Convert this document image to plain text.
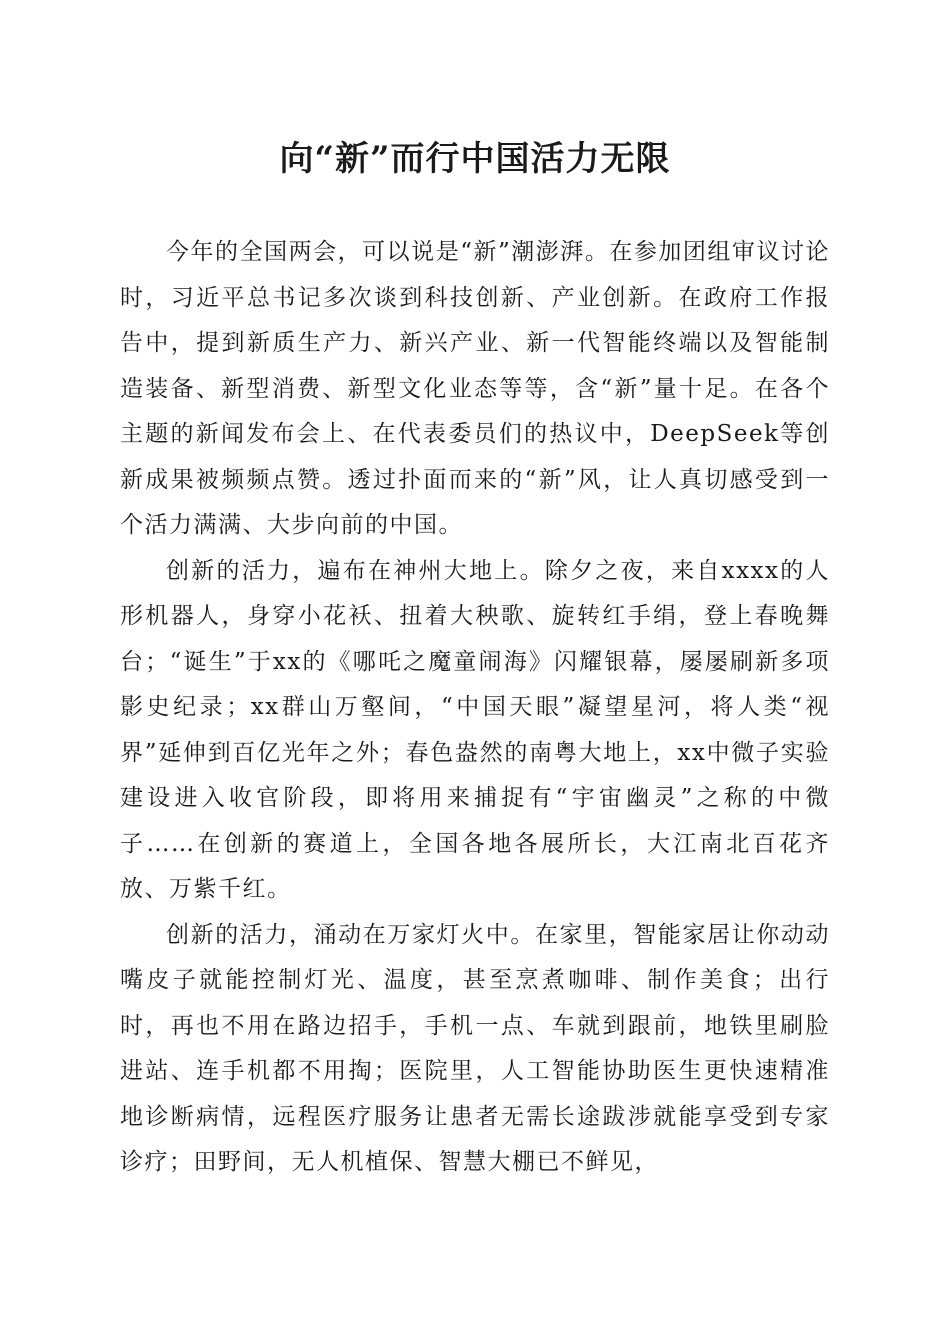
向“新”而行中国活力无限

今年的全国两会，可以说是“新”潮澎湃。在参加团组审议讨论时，习近平总书记多次谈到科技创新、产业创新。在政府工作报告中，提到新质生产力、新兴产业、新一代智能终端以及智能制造装备、新型消费、新型文化业态等等，含“新”量十足。在各个主题的新闻发布会上、在代表委员们的热议中，DeepSeek等创新成果被频频点赞。透过扑面而来的“新”风，让人真切感受到一个活力满满、大步向前的中国。

创新的活力，遍布在神州大地上。除夕之夜，来自xxxx的人形机器人，身穿小花袄、扭着大秧歌、旋转红手绢，登上春晚舞台；“诞生”于xx的《哪吒之魔童闹海》闪耀银幕，屡屡刷新多项影史纪录；xx群山万壑间，“中国天眼”凝望星河，将人类“视界”延伸到百亿光年之外；春色盎然的南粤大地上，xx中微子实验建设进入收官阶段，即将用来捕捉有“宇宙幽灵”之称的中微子……在创新的赛道上，全国各地各展所长，大江南北百花齐放、万紫千红。

创新的活力，涌动在万家灯火中。在家里，智能家居让你动动嘴皮子就能控制灯光、温度，甚至烹煮咖啡、制作美食；出行时，再也不用在路边招手，手机一点、车就到跟前，地铁里刷脸进站、连手机都不用掏；医院里，人工智能协助医生更快速精准地诊断病情，远程医疗服务让患者无需长途跋涉就能享受到专家诊疗；田野间，无人机植保、智慧大棚已不鲜见，
